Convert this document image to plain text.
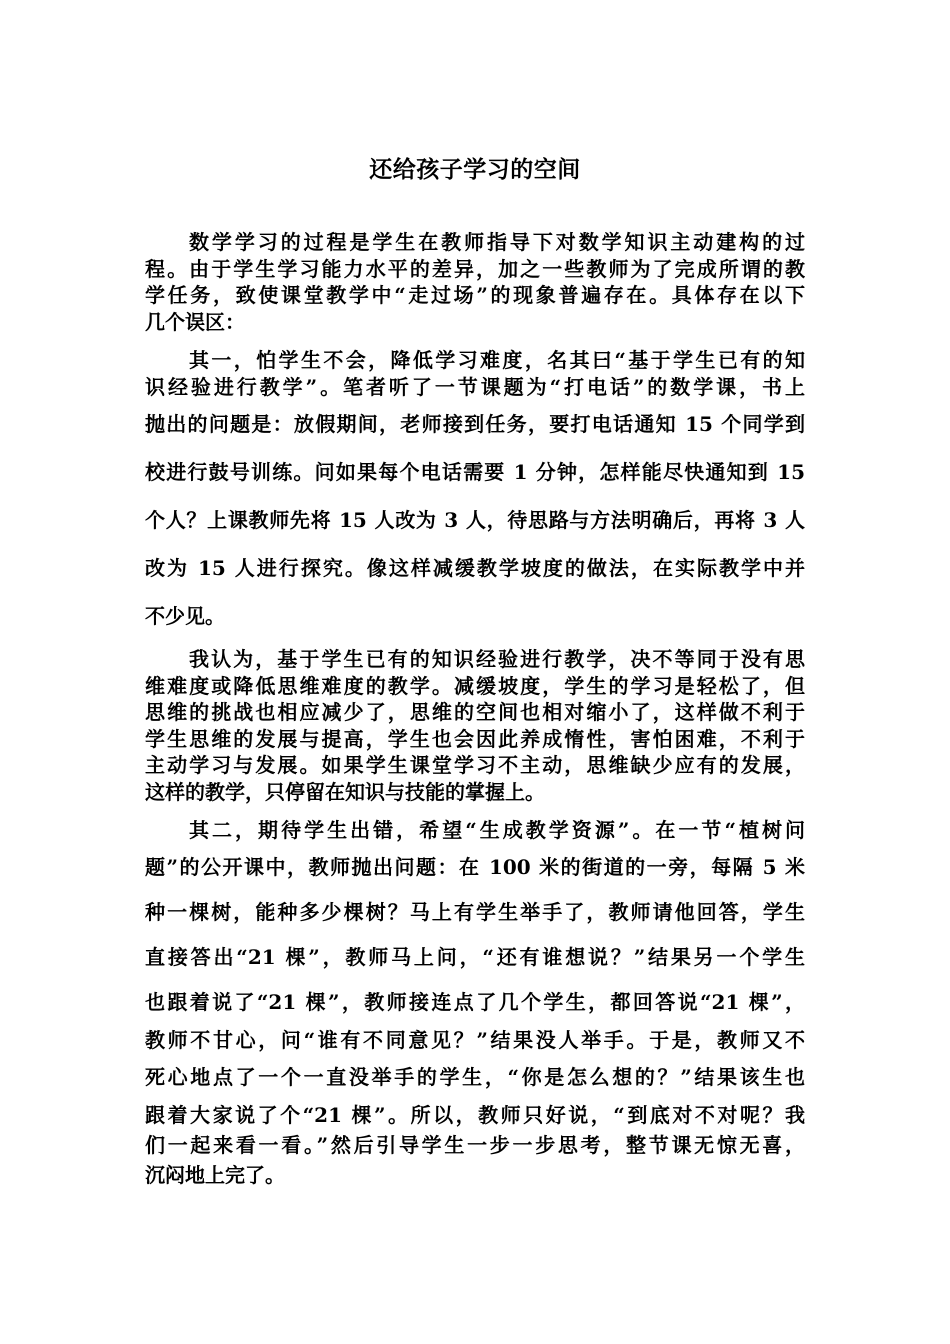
还给孩子学习的空间
数学学习的过程是学生在教师指导下对数学知识主动建构的过
程。由于学生学习能力水平的差异，加之一些教师为了完成所谓的教
学任务，致使课堂教学中“走过场”的现象普遍存在。具体存在以下
几个误区：
其一，怕学生不会，降低学习难度，名其曰“基于学生已有的知
识经验进行教学”。笔者听了一节课题为“打电话”的数学课，书上
抛出的问题是：放假期间，老师接到任务，要打电话通知 15 个同学到
校进行鼓号训练。问如果每个电话需要 1 分钟，怎样能尽快通知到 15
个人？上课教师先将 15 人改为 3 人，待思路与方法明确后，再将 3 人
改为 15 人进行探究。像这样减缓教学坡度的做法，在实际教学中并
不少见。
我认为，基于学生已有的知识经验进行教学，决不等同于没有思
维难度或降低思维难度的教学。减缓坡度，学生的学习是轻松了，但
思维的挑战也相应减少了，思维的空间也相对缩小了，这样做不利于
学生思维的发展与提高，学生也会因此养成惰性，害怕困难，不利于
主动学习与发展。如果学生课堂学习不主动，思维缺少应有的发展，
这样的教学，只停留在知识与技能的掌握上。
其二，期待学生出错，希望“生成教学资源”。在一节“植树问
题”的公开课中，教师抛出问题：在 100 米的街道的一旁，每隔 5 米
种一棵树，能种多少棵树？马上有学生举手了，教师请他回答，学生
直接答出“21 棵”，教师马上问，“还有谁想说？”结果另一个学生
也跟着说了“21 棵”，教师接连点了几个学生，都回答说“21 棵”，
教师不甘心，问“谁有不同意见？”结果没人举手。于是，教师又不
死心地点了一个一直没举手的学生，“你是怎么想的？”结果该生也
跟着大家说了个“21 棵”。所以，教师只好说，“到底对不对呢？我
们一起来看一看。”然后引导学生一步一步思考，整节课无惊无喜，
沉闷地上完了。
